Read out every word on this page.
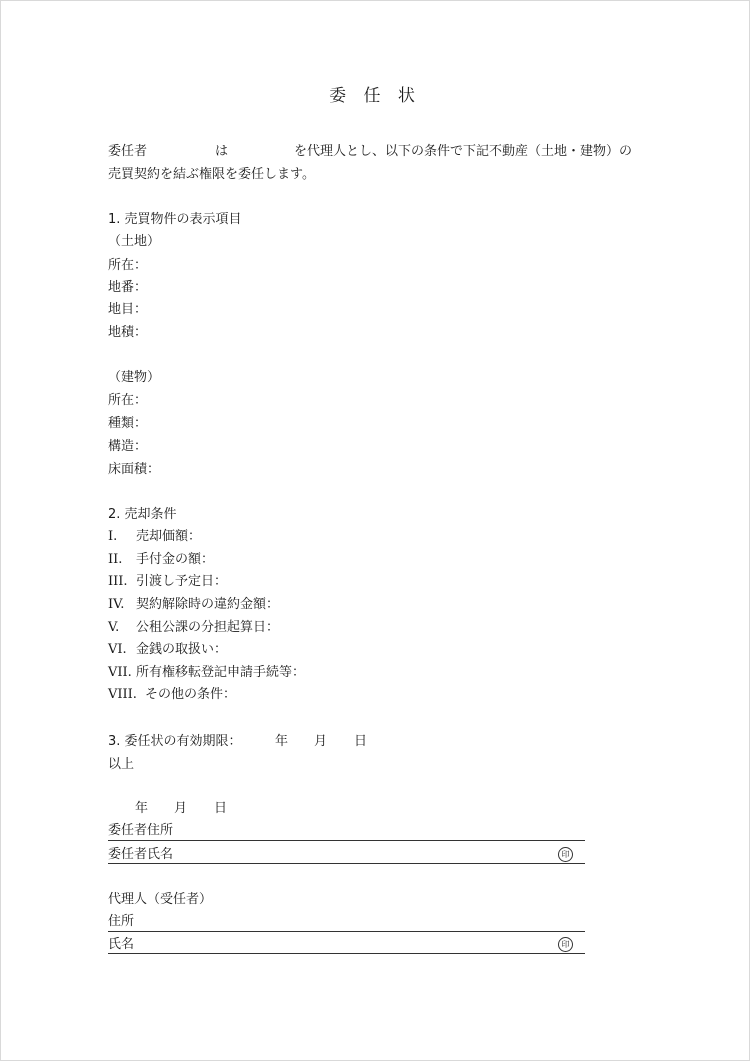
委 任 状
委任者	は	を代理人とし、以下の条件で下記不動産（土地・建物）の
売買契約を結ぶ権限を委任します。
1. 売買物件の表示項目
（土地）
所在：
地番：
地目：
地積：
（建物）
所在：
種類：
構造：
床面積：
2. 売却条件
I. 売却価額：
II. 手付金の額：
III. 引渡し予定日：
IV. 契約解除時の違約金額：
V. 公租公課の分担起算日：
VI. 金銭の取扱い：
VII. 所有権移転登記申請手続等：
VIII. その他の条件：
3. 委任状の有効期限：	年 月 日
以上
年 月 日
委任者住所
委任者氏名	印
代理人（受任者）
住所
氏名	印
